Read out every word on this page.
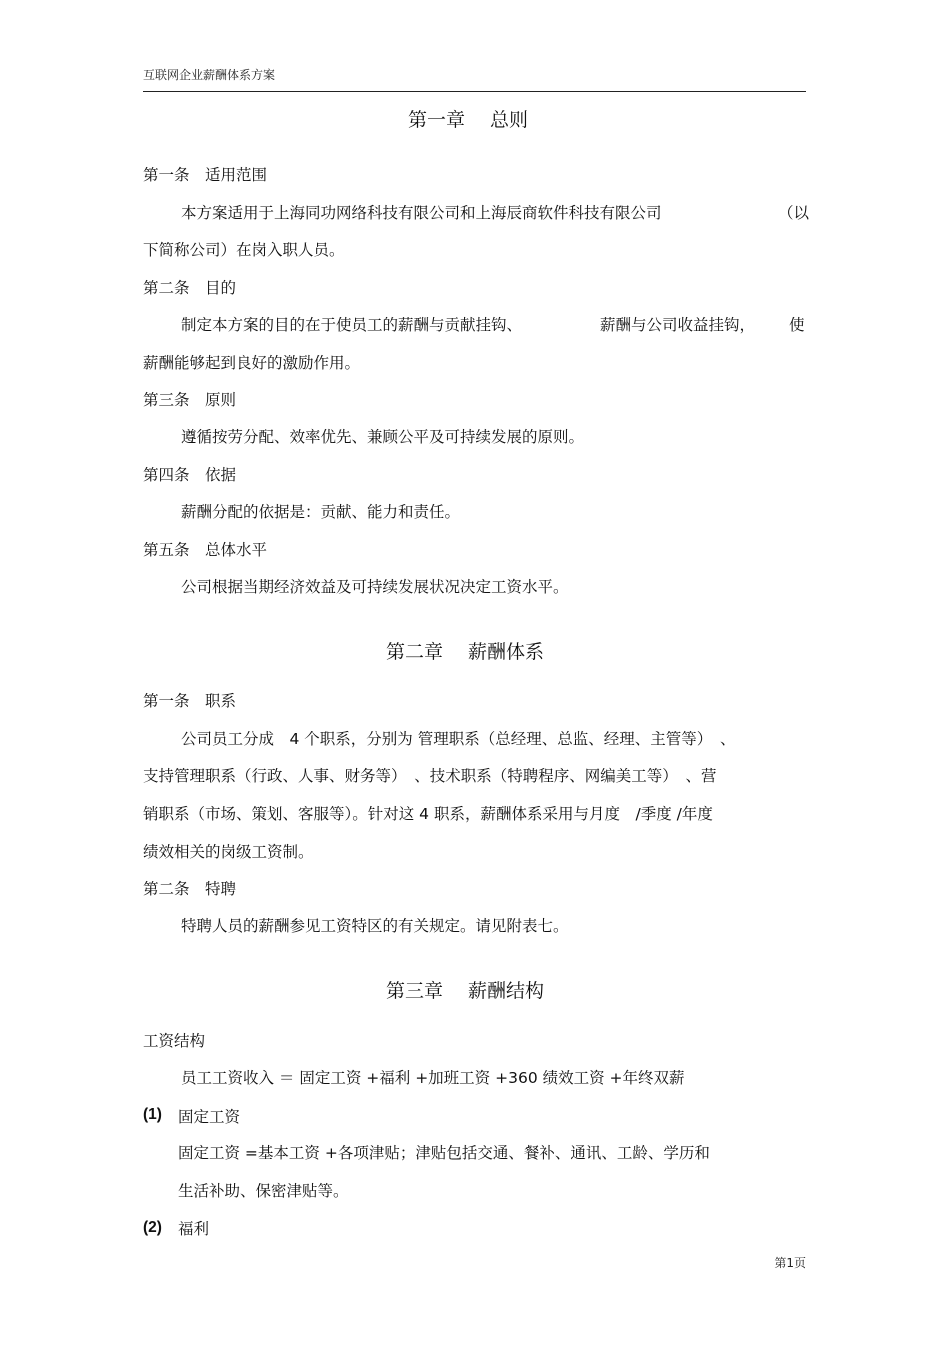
互联网企业薪酬体系方案
第一章　 总则
第一条　适用范围
本方案适用于上海同功网络科技有限公司和上海辰商软件科技有限公司	（以
下简称公司）在岗入职人员。
第二条　目的
制定本方案的目的在于使员工的薪酬与贡献挂钩、	薪酬与公司收益挂钩， 使
薪酬能够起到良好的激励作用。
第三条　原则
遵循按劳分配、效率优先、兼顾公平及可持续发展的原则。
第四条　依据
薪酬分配的依据是：贡献、能力和责任。
第五条　总体水平
公司根据当期经济效益及可持续发展状况决定工资水平。
第二章　 薪酬体系
第一条　职系
公司员工分成　4 个职系，分别为 管理职系（总经理、总监、经理、主管等）　、
支持管理职系（行政、人事、财务等）　、技术职系（特聘程序、网编美工等）　、营
销职系（市场、策划、客服等）。针对这 4 职系，薪酬体系采用与月度　/季度 /年度
绩效相关的岗级工资制。
第二条　特聘
特聘人员的薪酬参见工资特区的有关规定。请见附表七。
第三章　 薪酬结构
工资结构
员工工资收入 ＝ 固定工资 +福利 +加班工资 +360 绩效工资 +年终双薪
(1) 固定工资
固定工资 =基本工资 +各项津贴；津贴包括交通、餐补、通讯、工龄、学历和
生活补助、保密津贴等。
(2) 福利
第1页
